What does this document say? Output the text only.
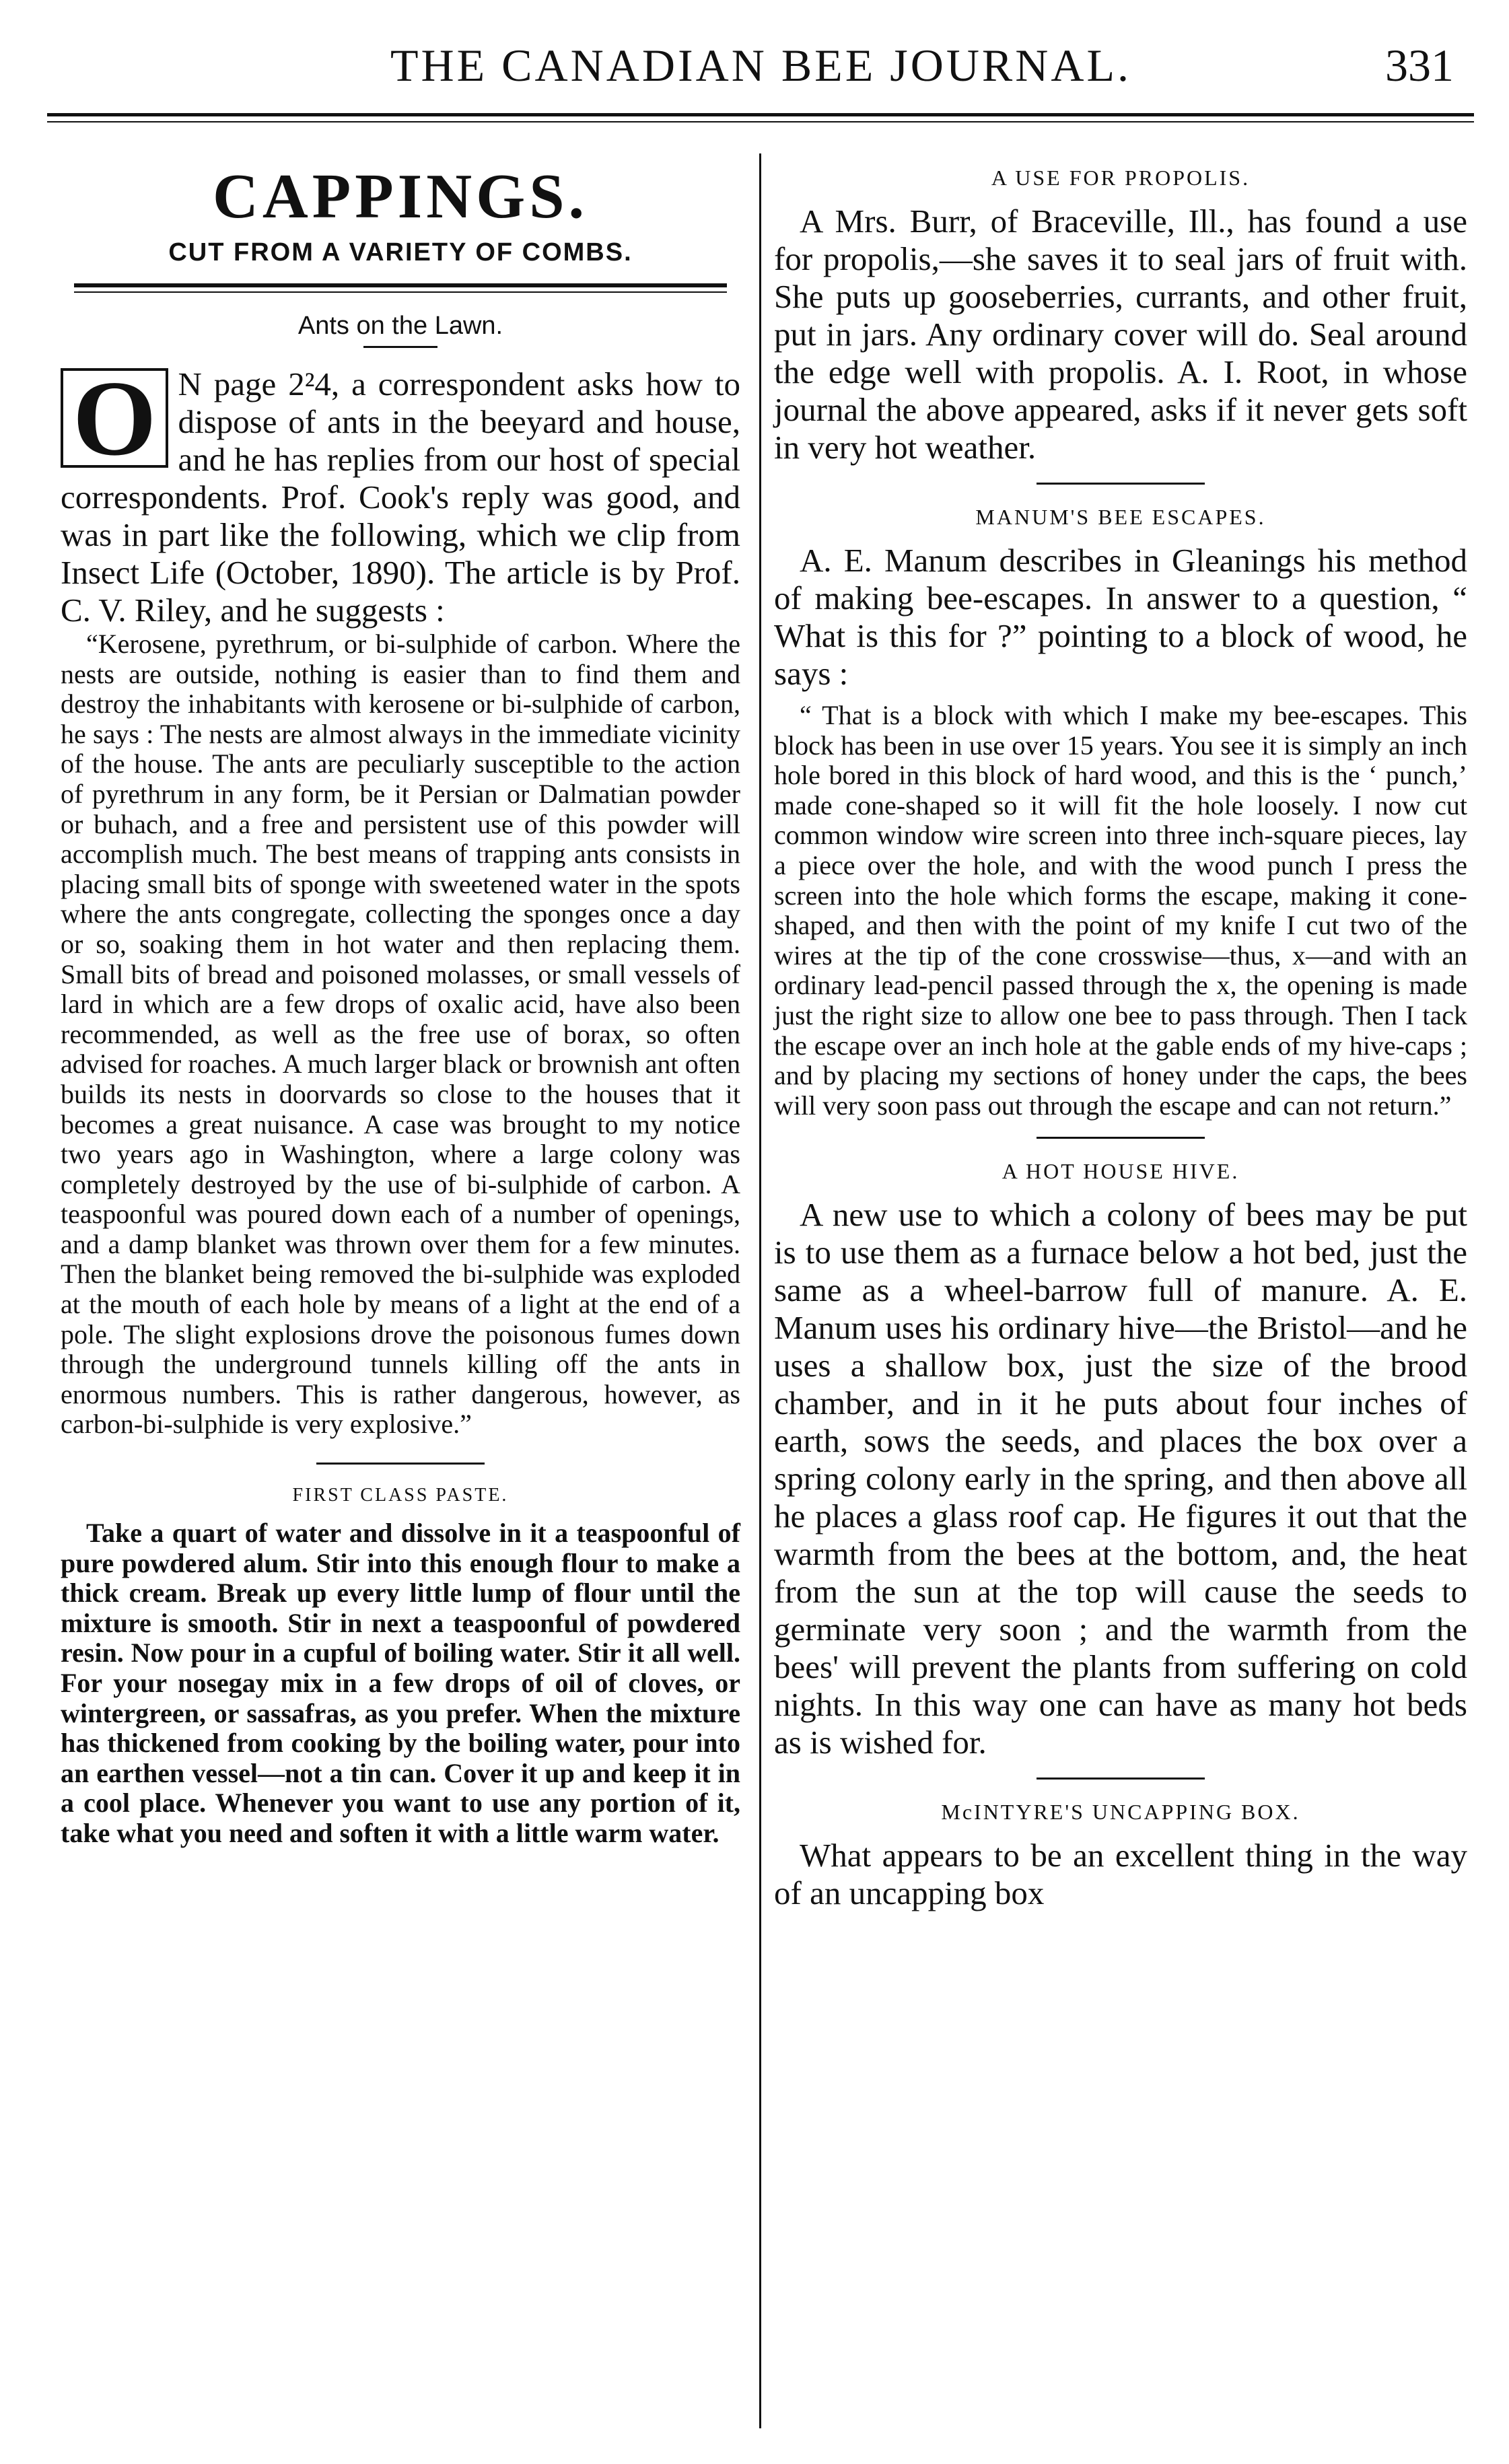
THE CANADIAN BEE JOURNAL.	331
CAPPINGS.
CUT FROM A VARIETY OF COMBS.
Ants on the Lawn.

O N page 2²4, a correspondent asks how to dispose of ants in the beeyard and house, and he has replies from our host of special correspondents. Prof. Cook's reply was good, and was in part like the following, which we clip from Insect Life (October, 1890). The article is by Prof. C. V. Riley, and he suggests :

“Kerosene, pyrethrum, or bi-sulphide of carbon. Where the nests are outside, nothing is easier than to find them and destroy the inhabitants with kerosene or bi-sulphide of carbon, he says : The nests are almost always in the immediate vicinity of the house. The ants are peculiarly susceptible to the action of pyrethrum in any form, be it Persian or Dalmatian powder or buhach, and a free and persistent use of this powder will accomplish much. The best means of trapping ants consists in placing small bits of sponge with sweetened water in the spots where the ants congregate, collecting the sponges once a day or so, soaking them in hot water and then replacing them. Small bits of bread and poisoned molasses, or small vessels of lard in which are a few drops of oxalic acid, have also been recommended, as well as the free use of borax, so often advised for roaches. A much larger black or brownish ant often builds its nests in doorvards so close to the houses that it becomes a great nuisance. A case was brought to my notice two years ago in Washington, where a large colony was completely destroyed by the use of bi-sulphide of carbon. A teaspoonful was poured down each of a number of openings, and a damp blanket was thrown over them for a few minutes. Then the blanket being removed the bi-sulphide was exploded at the mouth of each hole by means of a light at the end of a pole. The slight explosions drove the poisonous fumes down through the underground tunnels killing off the ants in enormous numbers. This is rather dangerous, however, as carbon-bi-sulphide is very explosive.”

FIRST CLASS PASTE.

Take a quart of water and dissolve in it a teaspoonful of pure powdered alum. Stir into this enough flour to make a thick cream. Break up every little lump of flour until the mixture is smooth. Stir in next a teaspoonful of powdered resin. Now pour in a cupful of boiling water. Stir it all well. For your nosegay mix in a few drops of oil of cloves, or wintergreen, or sassafras, as you prefer. When the mixture has thickened from cooking by the boiling water, pour into an earthen vessel—not a tin can. Cover it up and keep it in a cool place. Whenever you want to use any portion of it, take what you need and soften it with a little warm water.

A USE FOR PROPOLIS.

A Mrs. Burr, of Braceville, Ill., has found a use for propolis,—she saves it to seal jars of fruit with. She puts up gooseberries, currants, and other fruit, put in jars. Any ordinary cover will do. Seal around the edge well with propolis. A. I. Root, in whose journal the above appeared, asks if it never gets soft in very hot weather.

MANUM'S BEE ESCAPES.

A. E. Manum describes in Gleanings his method of making bee-escapes. In answer to a question, “ What is this for ?” pointing to a block of wood, he says :

“ That is a block with which I make my bee-escapes. This block has been in use over 15 years. You see it is simply an inch hole bored in this block of hard wood, and this is the ‘ punch,’ made cone-shaped so it will fit the hole loosely. I now cut common window wire screen into three inch-square pieces, lay a piece over the hole, and with the wood punch I press the screen into the hole which forms the escape, making it cone-shaped, and then with the point of my knife I cut two of the wires at the tip of the cone crosswise—thus, x—and with an ordinary lead-pencil passed through the x, the opening is made just the right size to allow one bee to pass through. Then I tack the escape over an inch hole at the gable ends of my hive-caps ; and by placing my sections of honey under the caps, the bees will very soon pass out through the escape and can not return.”

A HOT HOUSE HIVE.

A new use to which a colony of bees may be put is to use them as a furnace below a hot bed, just the same as a wheel-barrow full of manure. A. E. Manum uses his ordinary hive—the Bristol—and he uses a shallow box, just the size of the brood chamber, and in it he puts about four inches of earth, sows the seeds, and places the box over a spring colony early in the spring, and then above all he places a glass roof cap. He figures it out that the warmth from the bees at the bottom, and, the heat from the sun at the top will cause the seeds to germinate very soon ; and the warmth from the bees' will prevent the plants from suffering on cold nights. In this way one can have as many hot beds as is wished for.

McINTYRE'S UNCAPPING BOX.

What appears to be an excellent thing in the way of an uncapping box
